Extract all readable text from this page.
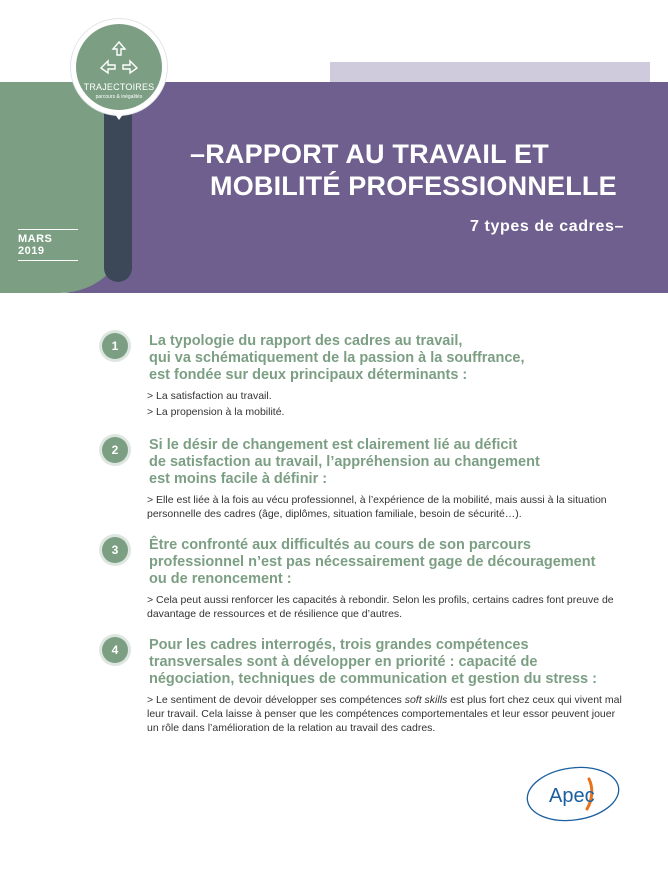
TRAJECTOIRES
parcours & inégalités
MARS 2019
–RAPPORT AU TRAVAIL ET
MOBILITÉ PROFESSIONNELLE
7 types de cadres–
1	La typologie du rapport des cadres au travail,
qui va schématiquement de la passion à la souffrance,
est fondée sur deux principaux déterminants :
> La satisfaction au travail.
> La propension à la mobilité.
2	Si le désir de changement est clairement lié au déficit
de satisfaction au travail, l’appréhension au changement
est moins facile à définir :
> Elle est liée à la fois au vécu professionnel, à l’expérience de la mobilité, mais aussi à la situation personnelle des cadres (âge, diplômes, situation familiale, besoin de sécurité…).
3	Être confronté aux difficultés au cours de son parcours
professionnel n’est pas nécessairement gage de découragement
ou de renoncement :
> Cela peut aussi renforcer les capacités à rebondir. Selon les profils, certains cadres font preuve de davantage de ressources et de résilience que d’autres.
4	Pour les cadres interrogés, trois grandes compétences
transversales sont à développer en priorité : capacité de
négociation, techniques de communication et gestion du stress :
> Le sentiment de devoir développer ses compétences soft skills est plus fort chez ceux qui vivent mal leur travail. Cela laisse à penser que les compétences comportementales et leur essor peuvent jouer un rôle dans l’amélioration de la relation au travail des cadres.
Apec
